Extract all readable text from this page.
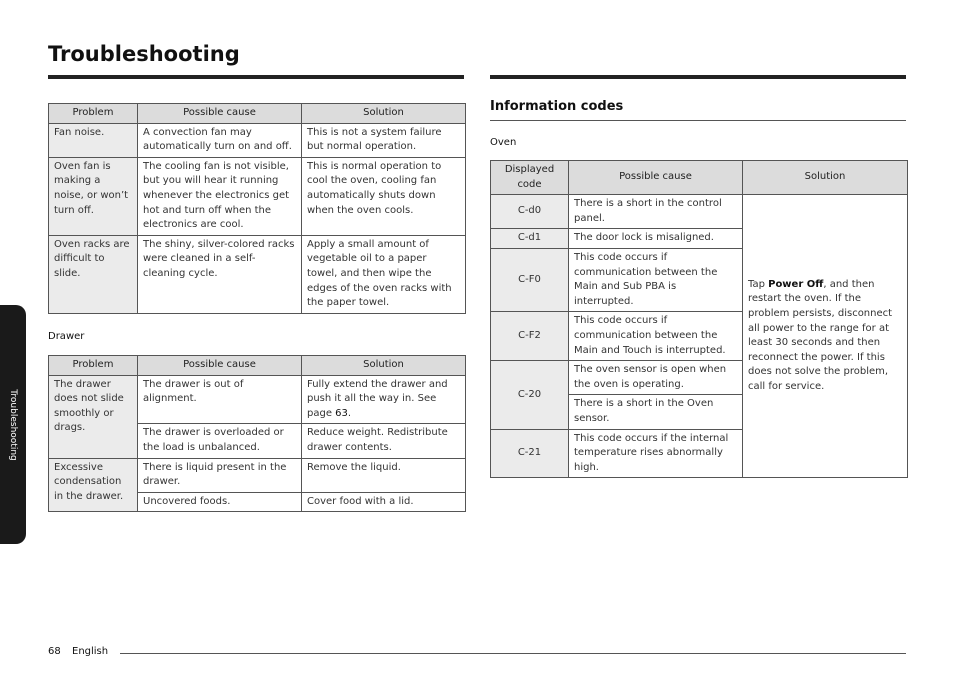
Troubleshooting
Troubleshooting
Problem	Possible cause	Solution
Fan noise.	A convection fan may automatically turn on and off.	This is not a system failure but normal operation.
Oven fan is making a noise, or won’t turn off.	The cooling fan is not visible, but you will hear it running whenever the electronics get hot and turn off when the electronics are cool.	This is normal operation to cool the oven, cooling fan automatically shuts down when the oven cools.
Oven racks are difficult to slide.	The shiny, silver-colored racks were cleaned in a self-cleaning cycle.	Apply a small amount of vegetable oil to a paper towel, and then wipe the edges of the oven racks with the paper towel.
Drawer
Problem	Possible cause	Solution
The drawer does not slide smoothly or drags.	The drawer is out of alignment.	Fully extend the drawer and push it all the way in. See page 63.
	The drawer is overloaded or the load is unbalanced.	Reduce weight. Redistribute drawer contents.
Excessive condensation in the drawer.	There is liquid present in the drawer.	Remove the liquid.
	Uncovered foods.	Cover food with a lid.
Information codes
Oven
Displayed code	Possible cause	Solution
C-d0	There is a short in the control panel.	Tap Power Off, and then restart the oven. If the problem persists, disconnect all power to the range for at least 30 seconds and then reconnect the power. If this does not solve the problem, call for service.
C-d1	The door lock is misaligned.	
C-F0	This code occurs if communication between the Main and Sub PBA is interrupted.	
C-F2	This code occurs if communication between the Main and Touch is interrupted.	
C-20	The oven sensor is open when the oven is operating.	
	There is a short in the Oven sensor.	
C-21	This code occurs if the internal temperature rises abnormally high.	
68 English
